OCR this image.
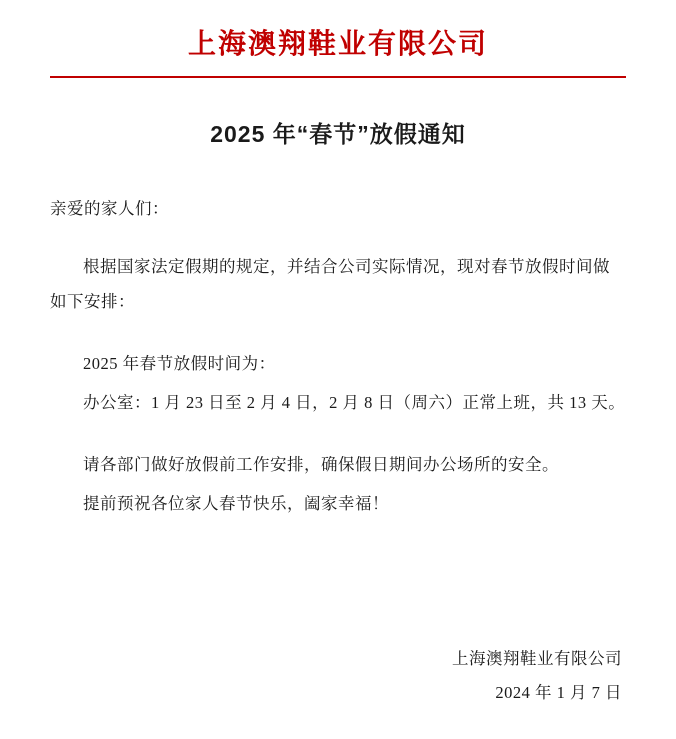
上海澳翔鞋业有限公司
2025 年“春节”放假通知

亲爱的家人们：

根据国家法定假期的规定，并结合公司实际情况，现对春节放假时间做如下安排：

2025 年春节放假时间为：

办公室：1 月 23 日至 2 月 4 日，2 月 8 日（周六）正常上班，共 13 天。

请各部门做好放假前工作安排，确保假日期间办公场所的安全。

提前预祝各位家人春节快乐，阖家幸福！

上海澳翔鞋业有限公司
2024 年 1 月 7 日
